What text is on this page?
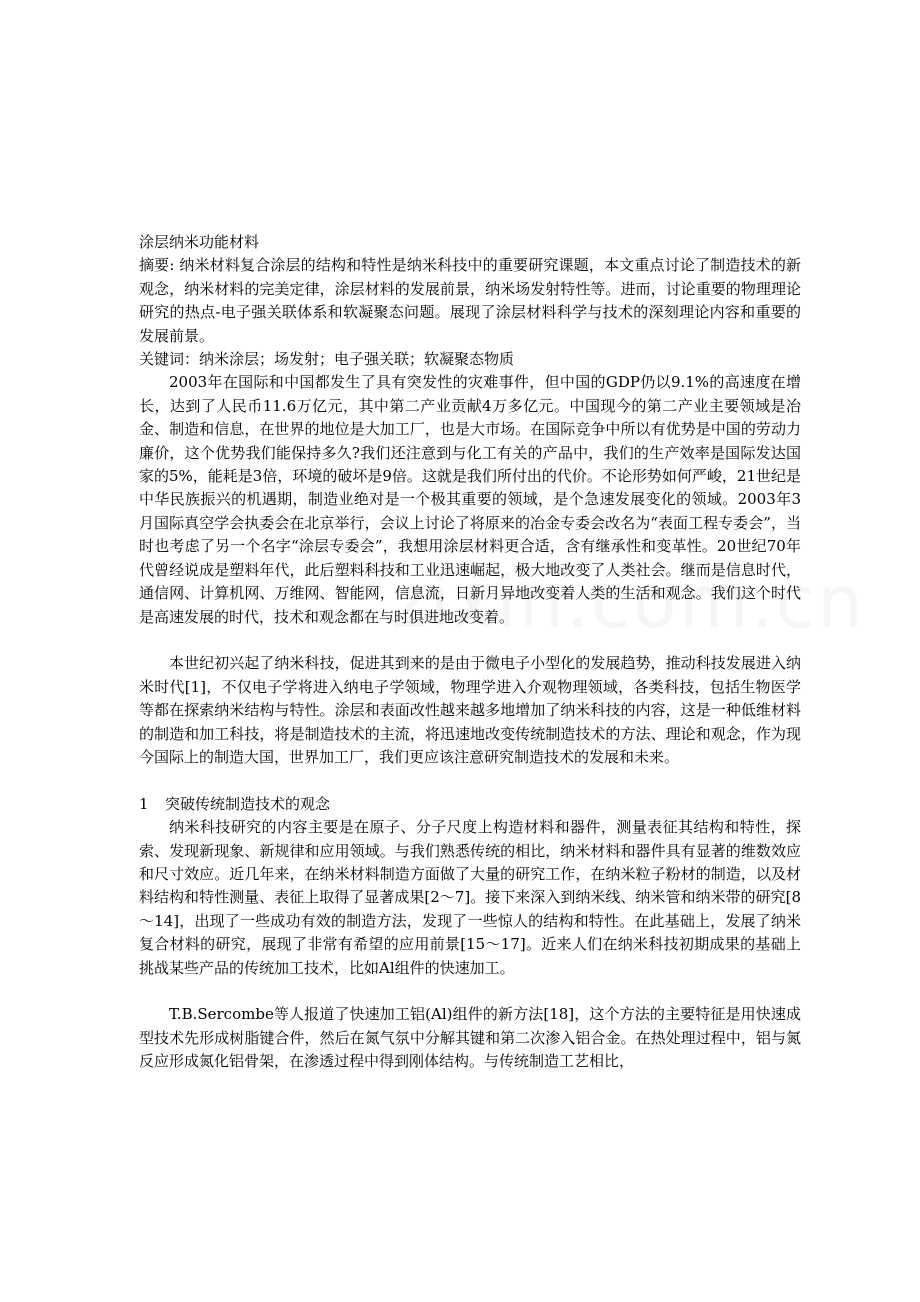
涂层纳米功能材料

摘要: 纳米材料复合涂层的结构和特性是纳米科技中的重要研究课题，本文重点讨论了制造技术的新观念，纳米材料的完美定律，涂层材料的发展前景，纳米场发射特性等。进而，讨论重要的物理理论研究的热点-电子强关联体系和软凝聚态问题。展现了涂层材料科学与技术的深刻理论内容和重要的发展前景。

关键词：纳米涂层；场发射；电子强关联；软凝聚态物质

2003年在国际和中国都发生了具有突发性的灾难事件，但中国的GDP仍以9.1%的高速度在增长，达到了人民币11.6万亿元，其中第二产业贡献4万多亿元。中国现今的第二产业主要领域是冶金、制造和信息，在世界的地位是大加工厂，也是大市场。在国际竞争中所以有优势是中国的劳动力廉价，这个优势我们能保持多久?我们还注意到与化工有关的产品中，我们的生产效率是国际发达国家的5%，能耗是3倍，环境的破坏是9倍。这就是我们所付出的代价。不论形势如何严峻，21世纪是中华民族振兴的机遇期，制造业绝对是一个极其重要的领域，是个急速发展变化的领域。2003年3月国际真空学会执委会在北京举行，会议上讨论了将原来的冶金专委会改名为“表面工程专委会”，当时也考虑了另一个名字“涂层专委会”，我想用涂层材料更合适，含有继承性和变革性。20世纪70年代曾经说成是塑料年代，此后塑料科技和工业迅速崛起，极大地改变了人类社会。继而是信息时代，通信网、计算机网、万维网、智能网，信息流，日新月异地改变着人类的生活和观念。我们这个时代是高速发展的时代，技术和观念都在与时俱进地改变着。

本世纪初兴起了纳米科技，促进其到来的是由于微电子小型化的发展趋势，推动科技发展进入纳米时代[1]，不仅电子学将进入纳电子学领域，物理学进入介观物理领域，各类科技，包括生物医学等都在探索纳米结构与特性。涂层和表面改性越来越多地增加了纳米科技的内容，这是一种低维材料的制造和加工科技，将是制造技术的主流，将迅速地改变传统制造技术的方法、理论和观念，作为现今国际上的制造大国，世界加工厂，我们更应该注意研究制造技术的发展和未来。

1 突破传统制造技术的观念

纳米科技研究的内容主要是在原子、分子尺度上构造材料和器件，测量表征其结构和特性，探索、发现新现象、新规律和应用领域。与我们熟悉传统的相比，纳米材料和器件具有显著的维数效应和尺寸效应。近几年来，在纳米材料制造方面做了大量的研究工作，在纳米粒子粉材的制造，以及材料结构和特性测量、表征上取得了显著成果[2～7]。接下来深入到纳米线、纳米管和纳米带的研究[8～14]，出现了一些成功有效的制造方法，发现了一些惊人的结构和特性。在此基础上，发展了纳米复合材料的研究，展现了非常有希望的应用前景[15～17]。近来人们在纳米科技初期成果的基础上挑战某些产品的传统加工技术，比如Al组件的快速加工。

T.B.Sercombe等人报道了快速加工铝(Al)组件的新方法[18]，这个方法的主要特征是用快速成型技术先形成树脂键合件，然后在氮气氛中分解其键和第二次渗入铝合金。在热处理过程中，铝与氮反应形成氮化铝骨架，在渗透过程中得到刚体结构。与传统制造工艺相比，
